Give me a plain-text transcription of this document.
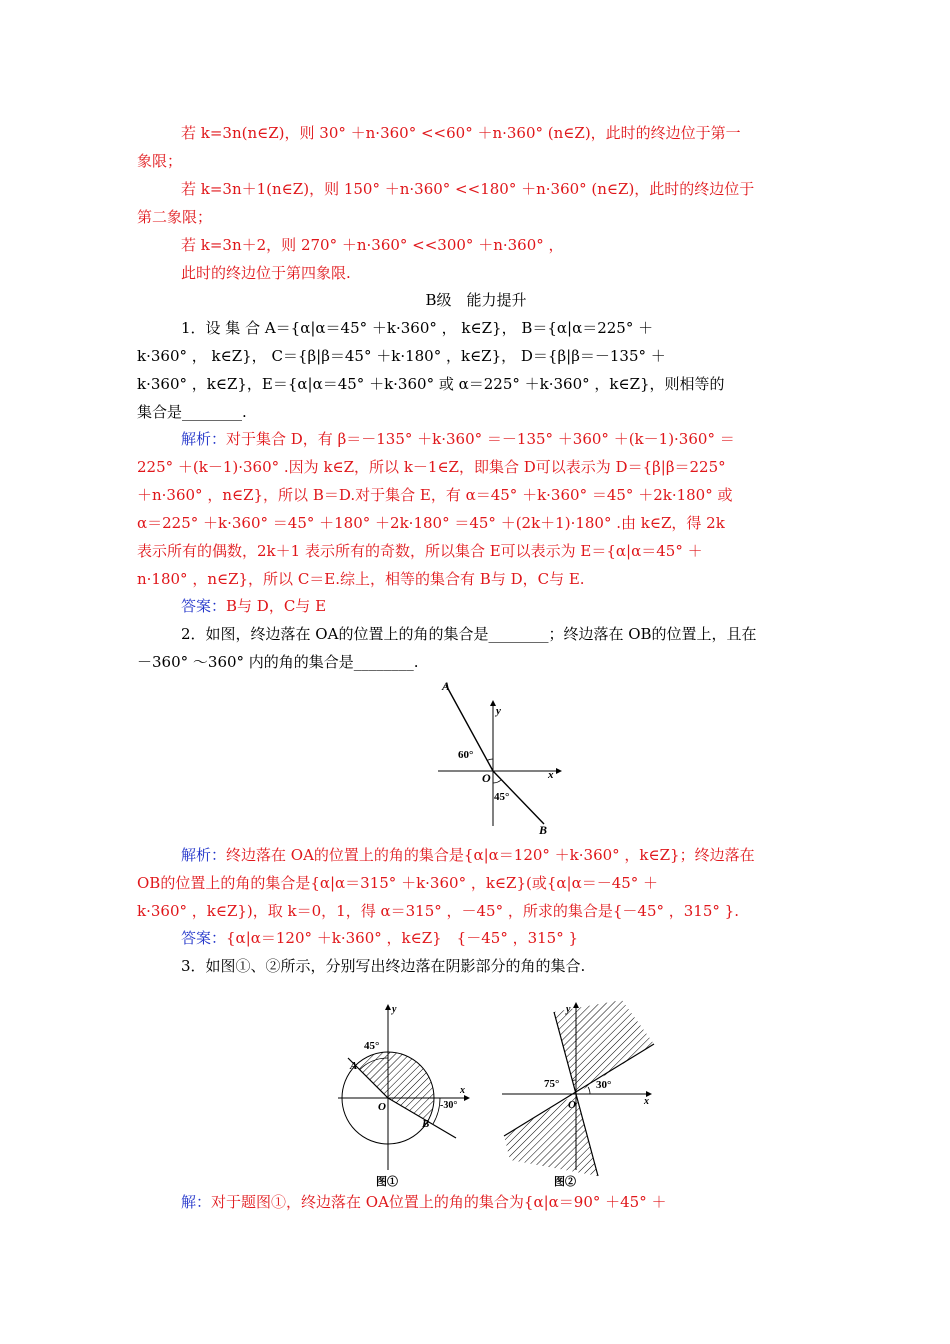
若 k=3n(n∈Z)，则 30° ＋n·360° <<60° ＋n·360° (n∈Z)，此时的终边位于第一
象限；
若 k=3n＋1(n∈Z)，则 150° ＋n·360° <<180° ＋n·360° (n∈Z)，此时的终边位于
第二象限；
若 k=3n＋2，则 270° ＋n·360° <<300° ＋n·360° ，
此时的终边位于第四象限.
B级　能力提升
1．设 集 合 A＝{α|α＝45° ＋k·360° ， k∈Z}， B＝{α|α＝225° ＋
k·360° ， k∈Z}， C＝{β|β＝45° ＋k·180° ，k∈Z}， D＝{β|β＝－135° ＋
k·360° ，k∈Z}，E＝{α|α＝45° ＋k·360° 或 α＝225° ＋k·360° ，k∈Z}，则相等的
集合是________.
解析：对于集合 D，有 β＝－135° ＋k·360° ＝－135° ＋360° ＋(k－1)·360° ＝
225° ＋(k－1)·360° .因为 k∈Z，所以 k－1∈Z，即集合 D可以表示为 D＝{β|β＝225°
＋n·360° ，n∈Z}，所以 B＝D.对于集合 E，有 α＝45° ＋k·360° ＝45° ＋2k·180° 或
α＝225° ＋k·360° ＝45° ＋180° ＋2k·180° ＝45° ＋(2k＋1)·180° .由 k∈Z，得 2k
表示所有的偶数，2k＋1 表示所有的奇数，所以集合 E可以表示为 E＝{α|α＝45° ＋
n·180° ，n∈Z}，所以 C＝E.综上，相等的集合有 B与 D，C与 E.
答案：B与 D，C与 E
2．如图，终边落在 OA的位置上的角的集合是________；终边落在 OB的位置上，且在
－360° ～360° 内的角的集合是________.
A
B
O	x
y
60°
45°
解析：终边落在 OA的位置上的角的集合是{α|α＝120° ＋k·360° ，k∈Z}；终边落在
OB的位置上的角的集合是{α|α＝315° ＋k·360° ，k∈Z}(或{α|α＝－45° ＋
k·360° ，k∈Z})，取 k＝0，1，得 α＝315° ，－45° ，所求的集合是{－45° ，315° }.
答案：{α|α＝120° ＋k·360° ，k∈Z}　{－45° ，315° }
3．如图①、②所示，分别写出终边落在阴影部分的角的集合.
45°
A
B
O
x
y
-30°
图①
75°	30°
O	x
y
图②
解：对于题图①，终边落在 OA位置上的角的集合为{α|α＝90° ＋45° ＋
